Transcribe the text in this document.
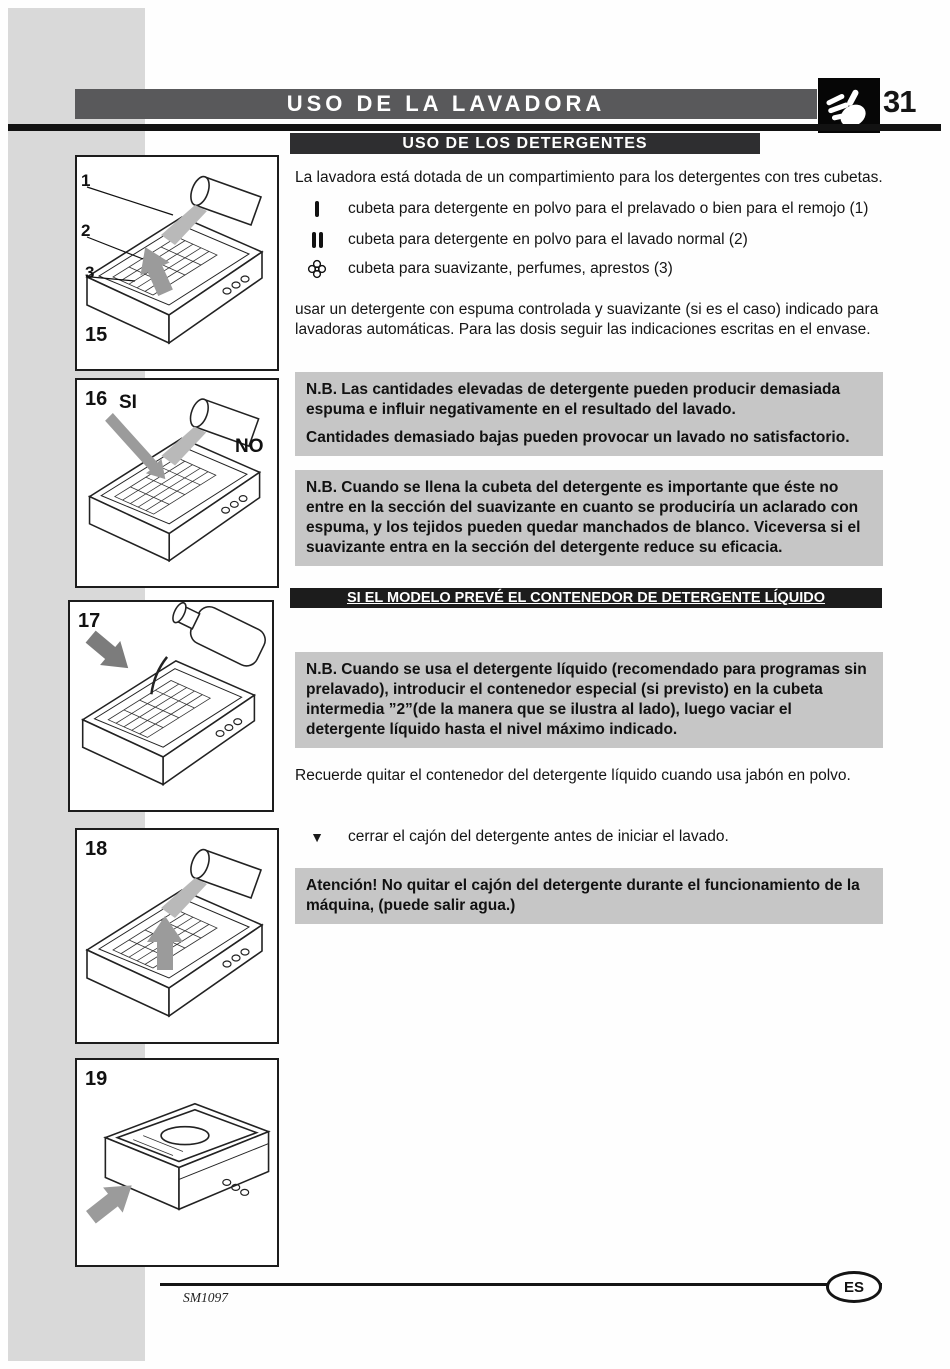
USO DE LA LAVADORA	31
USO DE LOS DETERGENTES
1
2
3
15
16 SI
NO
17
18
19
La lavadora está dotada de un compartimiento para los detergentes con tres cubetas.
cubeta para detergente en polvo para el prelavado o bien para el remojo (1)
cubeta para detergente en polvo para el lavado normal (2)
cubeta para suavizante, perfumes, aprestos (3)
usar un detergente con espuma controlada y suavizante (si es el caso) indicado para lavadoras automáticas. Para las dosis seguir las indicaciones escritas en el envase.

N.B. Las cantidades elevadas de detergente pueden producir demasiada espuma e influir negativamente en el resultado del lavado.

Cantidades demasiado bajas pueden provocar un lavado no satisfactorio.

N.B. Cuando se llena la cubeta del detergente es importante que éste no entre en la sección del suavizante en cuanto se produciría un aclarado con espuma, y los tejidos pueden quedar manchados de blanco. Viceversa si el suavizante entra en la sección del detergente reduce su eficacia.

SI EL MODELO PREVÉ EL CONTENEDOR DE DETERGENTE LÍQUIDO

N.B. Cuando se usa el detergente líquido (recomendado para programas sin prelavado), introducir el contenedor especial (si previsto) en la cubeta intermedia ”2”(de la manera que se ilustra al lado), luego vaciar el detergente líquido hasta el nivel máximo indicado.

Recuerde quitar el contenedor del detergente líquido cuando usa jabón en polvo.
▼	cerrar el cajón del detergente antes de iniciar el lavado.

Atención! No quitar el cajón del detergente durante el funcionamiento de la máquina, (puede salir agua.)

SM1097
ES
